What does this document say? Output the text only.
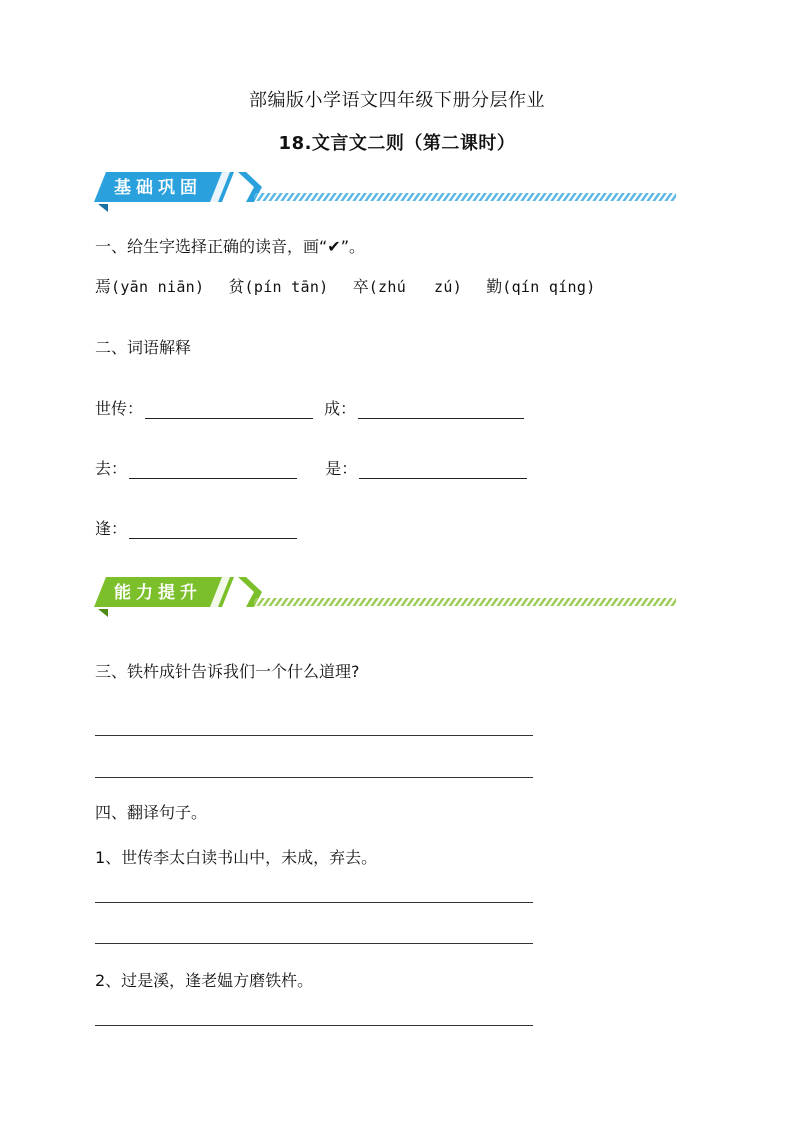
部编版小学语文四年级下册分层作业
18.文言文二则（第二课时）
基础巩固
一、给生字选择正确的读音，画“✔”。
焉(yān niān) 贫(pín tān) 卒(zhú   zú) 勤(qín qíng)
二、词语解释
世传：	成：
去：	是：
逢：
能力提升
三、铁杵成针告诉我们一个什么道理?
四、翻译句子。
1、世传李太白读书山中，未成，弃去。
2、过是溪，逢老媪方磨铁杵。
